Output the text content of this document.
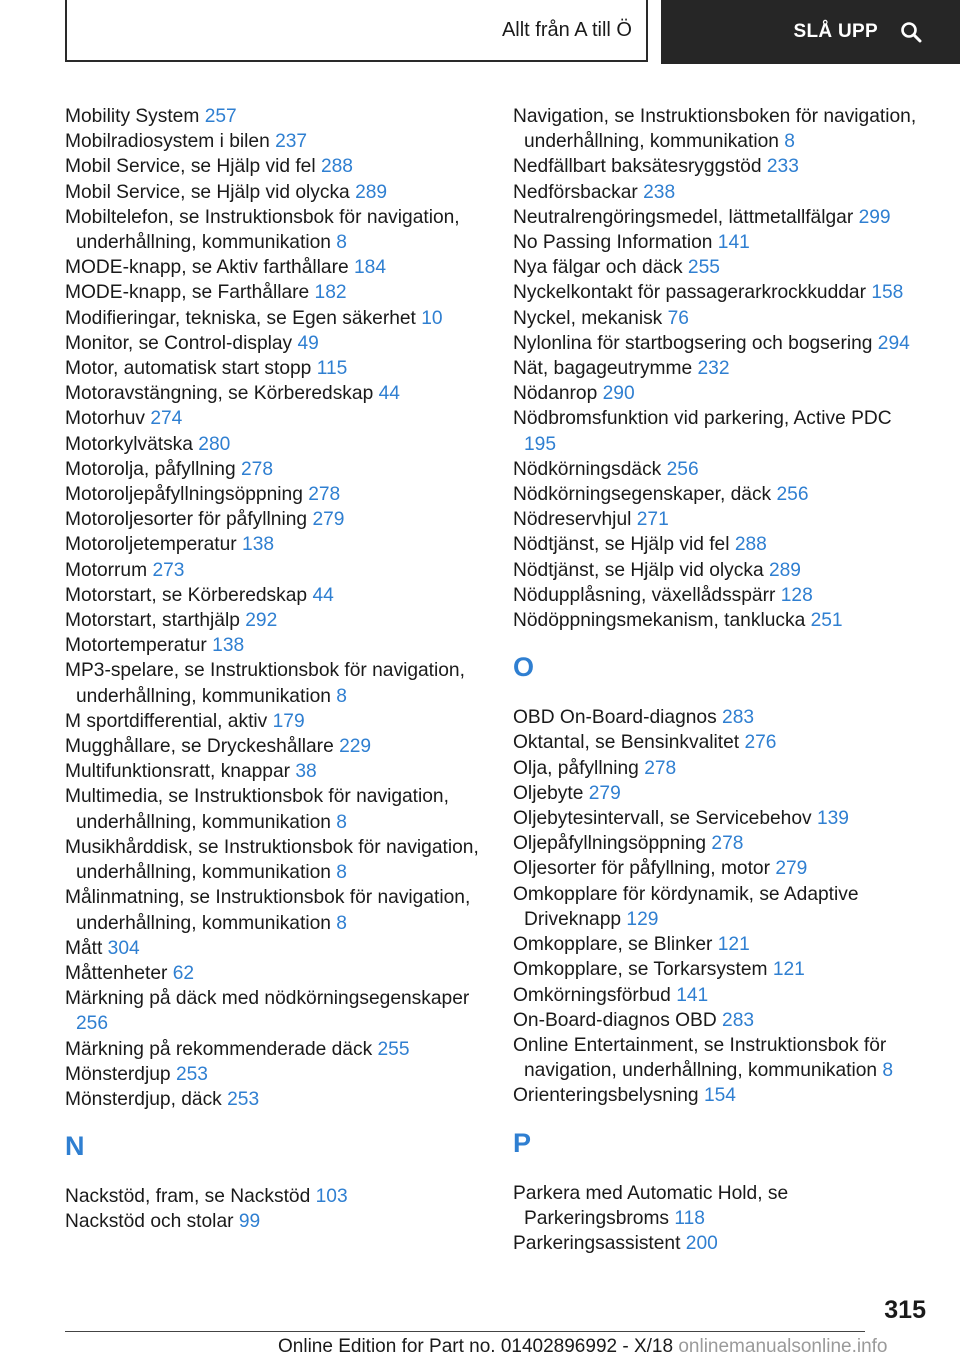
Allt från A till Ö	SLÅ UPP
Mobility System 257
Mobilradiosystem i bilen 237
Mobil Service, se Hjälp vid fel 288
Mobil Service, se Hjälp vid olycka 289
Mobiltelefon, se Instruktionsbok för navigation, underhållning, kommunikation 8
MODE-knapp, se Aktiv farthållare 184
MODE-knapp, se Farthållare 182
Modifieringar, tekniska, se Egen säkerhet 10
Monitor, se Control-display 49
Motor, automatisk start stopp 115
Motoravstängning, se Körberedskap 44
Motorhuv 274
Motorkylvätska 280
Motorolja, påfyllning 278
Motoroljepåfyllningsöppning 278
Motoroljesorter för påfyllning 279
Motoroljetemperatur 138
Motorrum 273
Motorstart, se Körberedskap 44
Motorstart, starthjälp 292
Motortemperatur 138
MP3-spelare, se Instruktionsbok för navigation, underhållning, kommunikation 8
M sportdifferential, aktiv 179
Mugghållare, se Dryckeshållare 229
Multifunktionsratt, knappar 38
Multimedia, se Instruktionsbok för navigation, underhållning, kommunikation 8
Musikhårddisk, se Instruktionsbok för navigation, underhållning, kommunikation 8
Målinmatning, se Instruktionsbok för navigation, underhållning, kommunikation 8
Mått 304
Måttenheter 62
Märkning på däck med nödkörningsegenskaper 256
Märkning på rekommenderade däck 255
Mönsterdjup 253
Mönsterdjup, däck 253
N
Nackstöd, fram, se Nackstöd 103
Nackstöd och stolar 99
Navigation, se Instruktionsboken för navigation, underhållning, kommunikation 8
Nedfällbart baksätesryggstöd 233
Nedförsbackar 238
Neutralrengöringsmedel, lättmetallfälgar 299
No Passing Information 141
Nya fälgar och däck 255
Nyckelkontakt för passagerarkrockkuddar 158
Nyckel, mekanisk 76
Nylonlina för startbogsering och bogsering 294
Nät, bagageutrymme 232
Nödanrop 290
Nödbromsfunktion vid parkering, Active PDC 195
Nödkörningsdäck 256
Nödkörningsegenskaper, däck 256
Nödreservhjul 271
Nödtjänst, se Hjälp vid fel 288
Nödtjänst, se Hjälp vid olycka 289
Nödupplåsning, växellådsspärr 128
Nödöppningsmekanism, tanklucka 251
O
OBD On-Board-diagnos 283
Oktantal, se Bensinkvalitet 276
Olja, påfyllning 278
Oljebyte 279
Oljebytesintervall, se Servicebehov 139
Oljepåfyllningsöppning 278
Oljesorter för påfyllning, motor 279
Omkopplare för kördynamik, se Adaptive Driveknapp 129
Omkopplare, se Blinker 121
Omkopplare, se Torkarsystem 121
Omkörningsförbud 141
On-Board-diagnos OBD 283
Online Entertainment, se Instruktionsbok för navigation, underhållning, kommunikation 8
Orienteringsbelysning 154
P
Parkera med Automatic Hold, se Parkeringsbroms 118
Parkeringsassistent 200
315
Online Edition for Part no. 01402896992 - X/18 onlinemanualsonline.info
